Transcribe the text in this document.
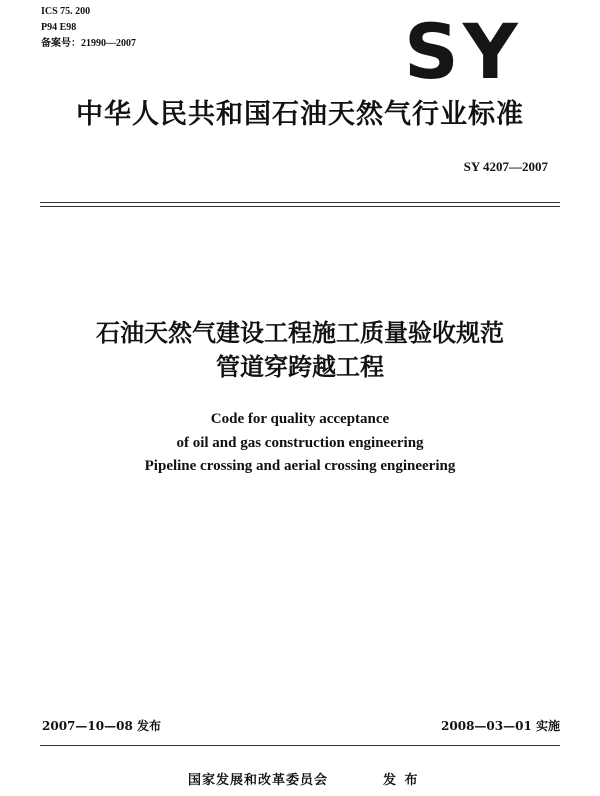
ICS 75. 200
P94 E98
备案号：21990—2007	SY
中华人民共和国石油天然气行业标准
SY 4207—2007
石油天然气建设工程施工质量验收规范
管道穿跨越工程
Code for quality acceptance
of oil and gas construction engineering
Pipeline crossing and aerial crossing engineering
2007—10—08 发布	2008—03—01 实施
国家发展和改革委员会	发 布
